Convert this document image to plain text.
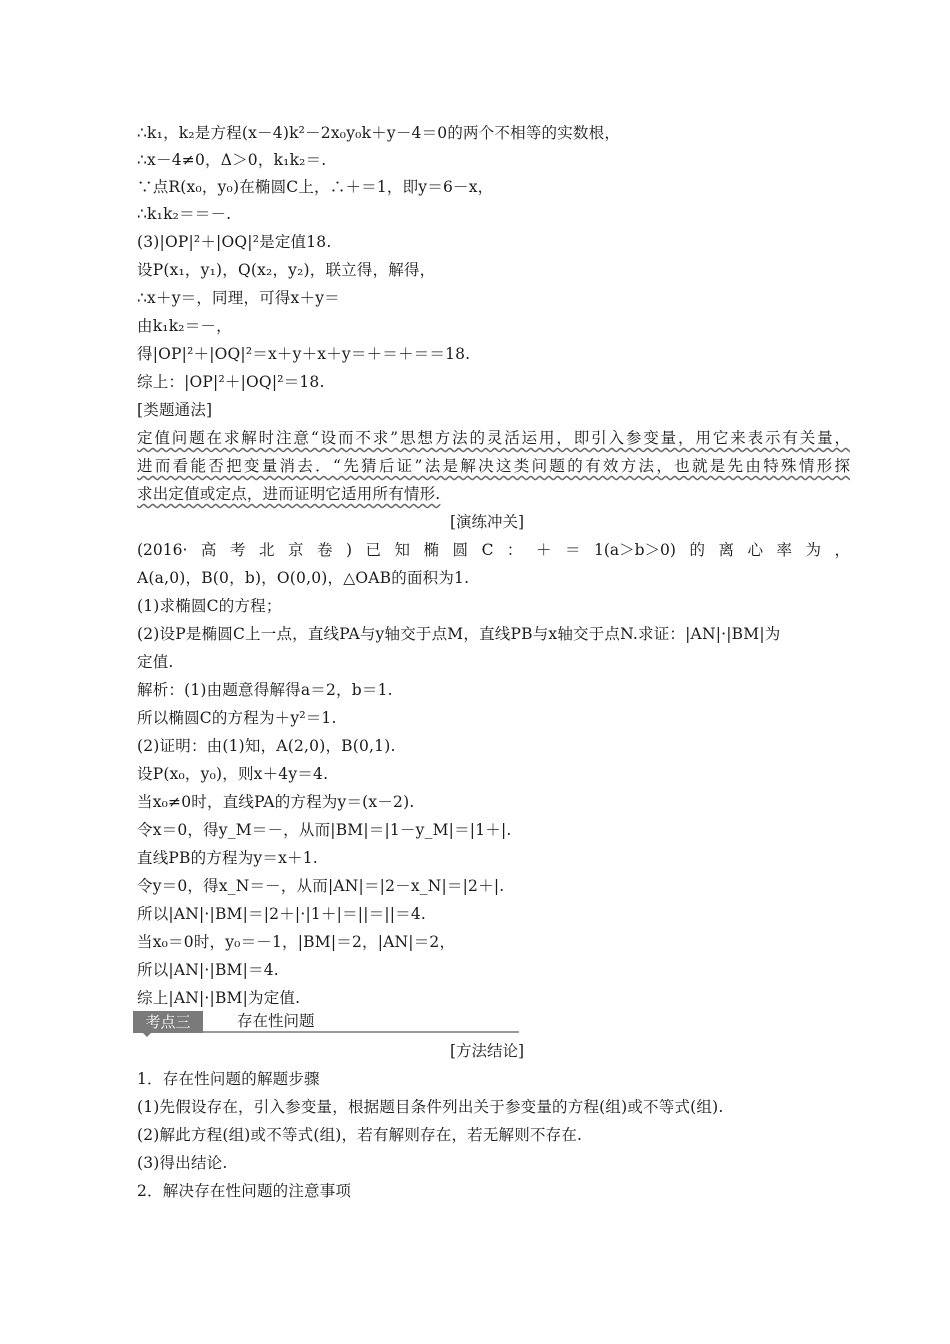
∴k₁，k₂是方程(x－4)k²－2x₀y₀k＋y－4＝0的两个不相等的实数根，
∴x－4≠0，Δ＞0，k₁k₂＝.
∵点R(x₀，y₀)在椭圆C上，∴＋＝1，即y＝6－x，
∴k₁k₂＝＝－.
(3)|OP|²＋|OQ|²是定值18.
设P(x₁，y₁)，Q(x₂，y₂)，联立得，解得，
∴x＋y＝，同理，可得x＋y＝
由k₁k₂＝－，
得|OP|²＋|OQ|²＝x＋y＋x＋y＝＋＝＋＝＝18.
综上：|OP|²＋|OQ|²＝18.
[类题通法]
定值问题在求解时注意“设而不求”思想方法的灵活运用，即引入参变量，用它来表示有关量，
进而看能否把变量消去．“先猜后证”法是解决这类问题的有效方法，也就是先由特殊情形探
求出定值或定点，进而证明它适用所有情形.
[演练冲关]
(2016·高考北京卷)已知椭圆C：＋＝1(a＞b＞0)的离心率为，
A(a,0)，B(0，b)，O(0,0)，△OAB的面积为1.
(1)求椭圆C的方程；
(2)设P是椭圆C上一点，直线PA与y轴交于点M，直线PB与x轴交于点N.求证：|AN|·|BM|为
定值.
解析：(1)由题意得解得a＝2，b＝1.
所以椭圆C的方程为＋y²＝1.
(2)证明：由(1)知，A(2,0)，B(0,1).
设P(x₀，y₀)，则x＋4y＝4.
当x₀≠0时，直线PA的方程为y＝(x－2).
令x＝0，得y_M＝－，从而|BM|＝|1－y_M|＝|1＋|.
直线PB的方程为y＝x＋1.
令y＝0，得x_N＝－，从而|AN|＝|2－x_N|＝|2＋|.
所以|AN|·|BM|＝|2＋|·|1＋|＝||＝||＝4.
当x₀＝0时，y₀＝－1，|BM|＝2，|AN|＝2，
所以|AN|·|BM|＝4.
综上|AN|·|BM|为定值.
考点三	存在性问题
[方法结论]
1．存在性问题的解题步骤
(1)先假设存在，引入参变量，根据题目条件列出关于参变量的方程(组)或不等式(组).
(2)解此方程(组)或不等式(组)，若有解则存在，若无解则不存在.
(3)得出结论.
2．解决存在性问题的注意事项
